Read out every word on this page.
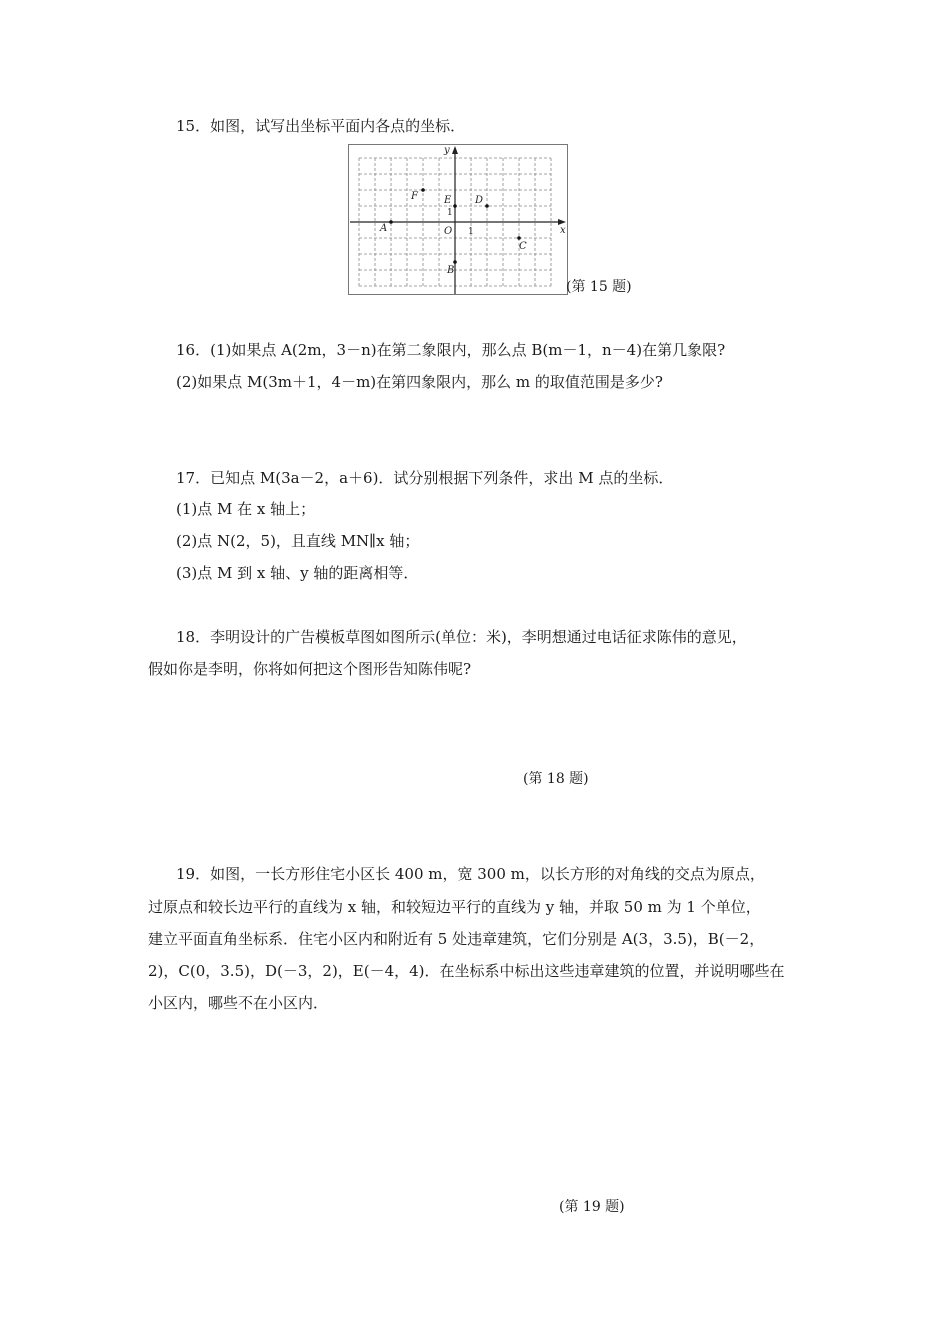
15．如图，试写出坐标平面内各点的坐标．
x
y
O 1
1
A
B
C
D
E
F
(第 15 题)
16．(1)如果点 A(2m，3－n)在第二象限内，那么点 B(m－1，n－4)在第几象限?
(2)如果点 M(3m＋1，4－m)在第四象限内，那么 m 的取值范围是多少?
17．已知点 M(3a－2，a＋6)．试分别根据下列条件，求出 M 点的坐标．
(1)点 M 在 x 轴上；
(2)点 N(2，5)，且直线 MN∥x 轴；
(3)点 M 到 x 轴、y 轴的距离相等．
18．李明设计的广告模板草图如图所示(单位：米)，李明想通过电话征求陈伟的意见，
假如你是李明，你将如何把这个图形告知陈伟呢?
(第 18 题)
19．如图，一长方形住宅小区长 400 m，宽 300 m，以长方形的对角线的交点为原点，
过原点和较长边平行的直线为 x 轴，和较短边平行的直线为 y 轴，并取 50 m 为 1 个单位，
建立平面直角坐标系．住宅小区内和附近有 5 处违章建筑，它们分别是 A(3，3.5)，B(－2，
2)，C(0，3.5)，D(－3，2)，E(－4，4)．在坐标系中标出这些违章建筑的位置，并说明哪些在
小区内，哪些不在小区内．
(第 19 题)
